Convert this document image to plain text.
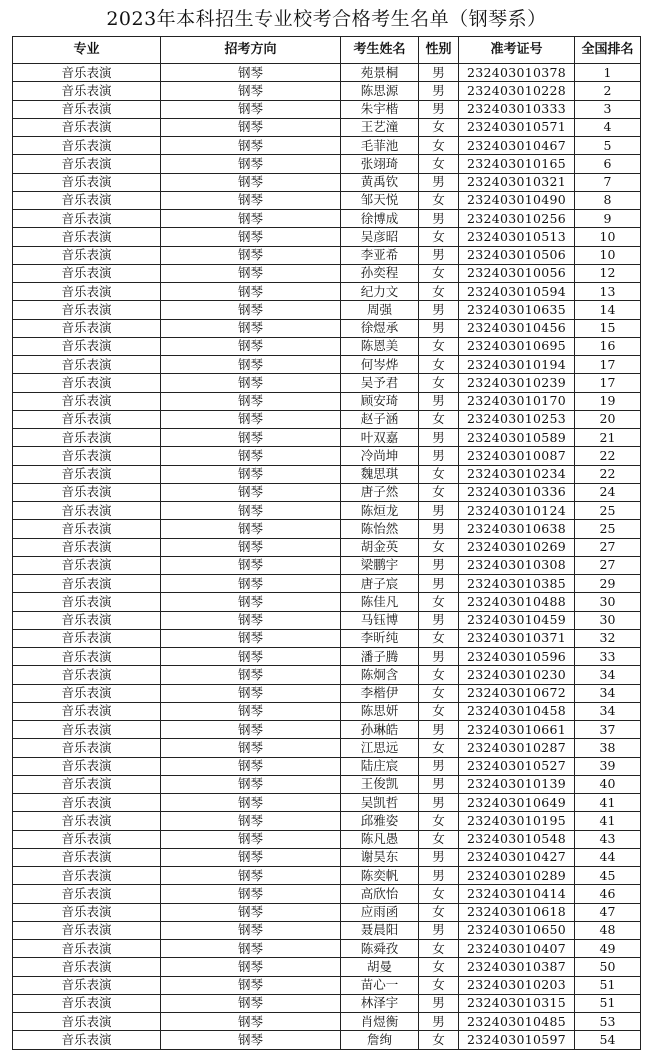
2023年本科招生专业校考合格考生名单（钢琴系）
专业	招考方向	考生姓名	性别	准考证号	全国排名
音乐表演	钢琴	苑景桐	男	232403010378	1
音乐表演	钢琴	陈思源	男	232403010228	2
音乐表演	钢琴	朱宇楷	男	232403010333	3
音乐表演	钢琴	王艺潼	女	232403010571	4
音乐表演	钢琴	毛菲池	女	232403010467	5
音乐表演	钢琴	张翊琦	女	232403010165	6
音乐表演	钢琴	黄禹钦	男	232403010321	7
音乐表演	钢琴	邹天悦	女	232403010490	8
音乐表演	钢琴	徐博成	男	232403010256	9
音乐表演	钢琴	吴彦昭	女	232403010513	10
音乐表演	钢琴	李亚希	男	232403010506	10
音乐表演	钢琴	孙奕程	女	232403010056	12
音乐表演	钢琴	纪力文	女	232403010594	13
音乐表演	钢琴	周强	男	232403010635	14
音乐表演	钢琴	徐煜承	男	232403010456	15
音乐表演	钢琴	陈恩美	女	232403010695	16
音乐表演	钢琴	何岑烨	女	232403010194	17
音乐表演	钢琴	吴予君	女	232403010239	17
音乐表演	钢琴	顾安琦	男	232403010170	19
音乐表演	钢琴	赵子涵	女	232403010253	20
音乐表演	钢琴	叶双嘉	男	232403010589	21
音乐表演	钢琴	冷尚坤	男	232403010087	22
音乐表演	钢琴	魏思琪	女	232403010234	22
音乐表演	钢琴	唐子然	女	232403010336	24
音乐表演	钢琴	陈烜龙	男	232403010124	25
音乐表演	钢琴	陈怡然	男	232403010638	25
音乐表演	钢琴	胡金英	女	232403010269	27
音乐表演	钢琴	梁鹏宇	男	232403010308	27
音乐表演	钢琴	唐子宸	男	232403010385	29
音乐表演	钢琴	陈佳凡	女	232403010488	30
音乐表演	钢琴	马钰博	男	232403010459	30
音乐表演	钢琴	李昕纯	女	232403010371	32
音乐表演	钢琴	潘子腾	男	232403010596	33
音乐表演	钢琴	陈炯含	女	232403010230	34
音乐表演	钢琴	李楷伊	女	232403010672	34
音乐表演	钢琴	陈思妍	女	232403010458	34
音乐表演	钢琴	孙琳皓	男	232403010661	37
音乐表演	钢琴	江思远	女	232403010287	38
音乐表演	钢琴	陆庄宸	男	232403010527	39
音乐表演	钢琴	王俊凯	男	232403010139	40
音乐表演	钢琴	吴凯哲	男	232403010649	41
音乐表演	钢琴	邱雅姿	女	232403010195	41
音乐表演	钢琴	陈凡愚	女	232403010548	43
音乐表演	钢琴	谢昊东	男	232403010427	44
音乐表演	钢琴	陈奕帆	男	232403010289	45
音乐表演	钢琴	高欣怡	女	232403010414	46
音乐表演	钢琴	应雨函	女	232403010618	47
音乐表演	钢琴	聂晨阳	男	232403010650	48
音乐表演	钢琴	陈舜孜	女	232403010407	49
音乐表演	钢琴	胡曼	女	232403010387	50
音乐表演	钢琴	苗心一	女	232403010203	51
音乐表演	钢琴	林泽宇	男	232403010315	51
音乐表演	钢琴	肖煜衡	男	232403010485	53
音乐表演	钢琴	詹绚	女	232403010597	54
